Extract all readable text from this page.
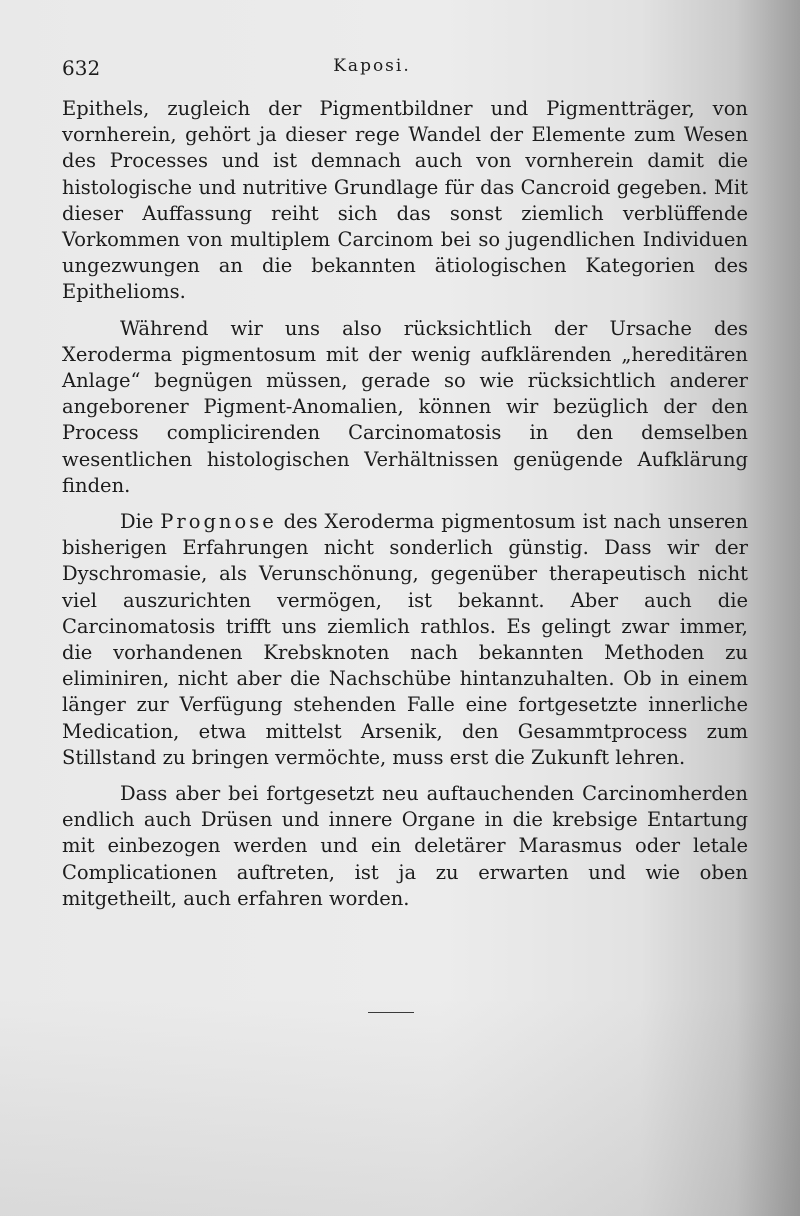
632	Kaposi.

Epithels, zugleich der Pigmentbildner und Pigmentträger, von vornherein, gehört ja dieser rege Wandel der Elemente zum Wesen des Processes und ist demnach auch von vornherein damit die histologische und nutritive Grundlage für das Cancroid gegeben. Mit dieser Auffassung reiht sich das sonst ziemlich verblüffende Vorkommen von multiplem Carcinom bei so jugendlichen Individuen ungezwungen an die bekannten ätiologischen Kategorien des Epithelioms.

Während wir uns also rücksichtlich der Ursache des Xeroderma pigmentosum mit der wenig aufklärenden „hereditären Anlage“ begnügen müssen, gerade so wie rücksichtlich anderer angeborener Pigment-Anomalien, können wir bezüglich der den Process complicirenden Carcinomatosis in den demselben wesentlichen histologischen Verhältnissen genügende Aufklärung finden.

Die Prognose des Xeroderma pigmentosum ist nach unseren bisherigen Erfahrungen nicht sonderlich günstig. Dass wir der Dyschromasie, als Verunschönung, gegenüber therapeutisch nicht viel auszurichten vermögen, ist bekannt. Aber auch die Carcinomatosis trifft uns ziemlich rathlos. Es gelingt zwar immer, die vorhandenen Krebsknoten nach bekannten Methoden zu eliminiren, nicht aber die Nachschübe hintanzuhalten. Ob in einem länger zur Verfügung stehenden Falle eine fortgesetzte innerliche Medication, etwa mittelst Arsenik, den Gesammtprocess zum Stillstand zu bringen vermöchte, muss erst die Zukunft lehren.

Dass aber bei fortgesetzt neu auftauchenden Carcinomherden endlich auch Drüsen und innere Organe in die krebsige Entartung mit einbezogen werden und ein deletärer Marasmus oder letale Complicationen auftreten, ist ja zu erwarten und wie oben mitgetheilt, auch erfahren worden.
